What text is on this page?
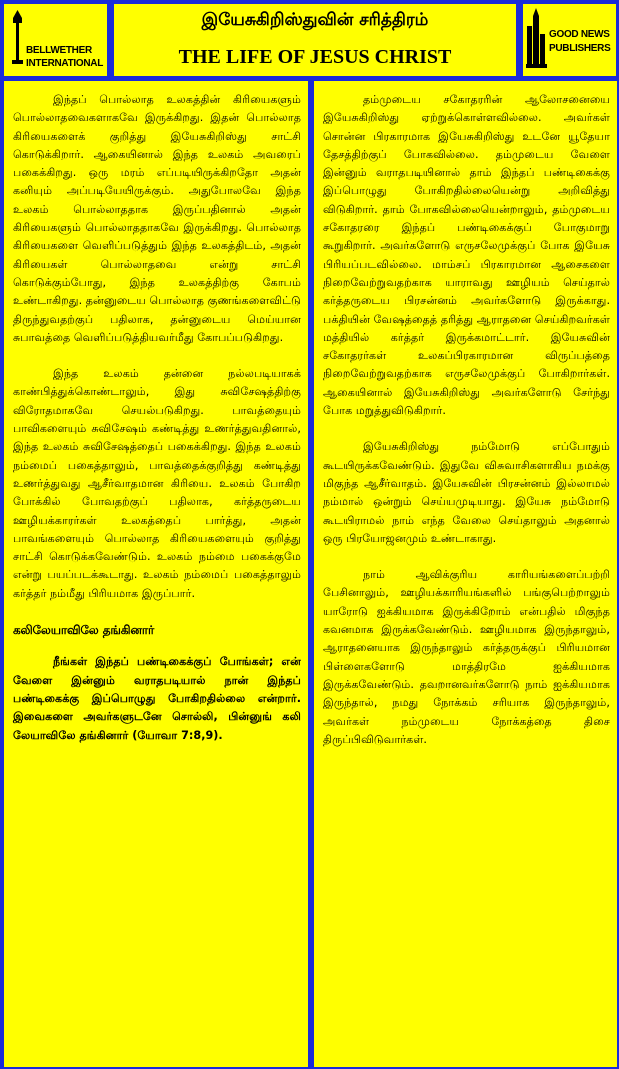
BELLWETHER
INTERNATIONAL
இயேசுகிறிஸ்துவின் சரித்திரம்
THE LIFE OF JESUS CHRIST
GOOD NEWS
PUBLISHERS

இந்தப் பொல்லாத உலகத்தின் கிரியைகளும் பொல்லாதவைகளாகவே இருக்கிறது. இதன் பொல்லாத கிரியைகளைக் குறித்து இயேசுகிறிஸ்து சாட்சி கொடுக்கிறார். ஆகையினால் இந்த உலகம் அவரைப் பகைக்கிறது. ஒரு மரம் எப்படியிருக்கிறதோ அதன் கனியும் அப்படியேயிருக்கும். அதுபோலவே இந்த உலகம் பொல்லாததாக இருப்பதினால் அதன் கிரியைகளும் பொல்லாததாகவே இருக்கிறது. பொல்லாத கிரியைகளை வெளிப்படுத்தும் இந்த உலகத்திடம், அதன் கிரியைகள் பொல்லாதவை என்று சாட்சி கொடுக்கும்போது, இந்த உலகத்திற்கு கோபம் உண்டாகிறது. தன்னுடைய பொல்லாத குணங்களைவிட்டு திருந்துவதற்குப் பதிலாக, தன்னுடைய மெய்யான சுபாவத்தை வெளிப்படுத்தியவர்மீது கோபப்படுகிறது.

இந்த உலகம் தன்னை நல்லபடியாகக் காண்பித்துக்கொண்டாலும், இது சுவிசேஷத்திற்கு விரோதமாகவே செயல்படுகிறது. பாவத்தையும் பாவிகளையும் சுவிசேஷம் கண்டித்து உணர்த்துவதினால், இந்த உலகம் சுவிசேஷத்தைப் பகைக்கிறது. இந்த உலகம் நம்மைப் பகைத்தாலும், பாவத்தைக்குறித்து கண்டித்து உணர்த்துவது ஆசீர்வாதமான கிரியை. உலகம் போகிற போக்கில் போவதற்குப் பதிலாக, கர்த்தருடைய ஊழியக்காரர்கள் உலகத்தைப் பார்த்து, அதன் பாவங்களையும் பொல்லாத கிரியைகளையும் குறித்து சாட்சி கொடுக்கவேண்டும். உலகம் நம்மை பகைக்குமே என்று பயப்படக்கூடாது. உலகம் நம்மைப் பகைத்தாலும் கர்த்தர் நம்மீது பிரியமாக இருப்பார்.

கலிலேயாவிலே தங்கினார்

நீங்கள் இந்தப் பண்டிகைக்குப் போங்கள்; என் வேளை இன்னும் வராதபடியால் நான் இந்தப் பண்டிகைக்கு இப்பொழுது போகிறதில்லை என்றார். இவைகளை அவர்களுடனே சொல்லி, பின்னுங் கலி லேயாவிலே தங்கினார் (யோவா 7:8,9).

தம்முடைய சகோதரரின் ஆலோசனையை இயேசுகிறிஸ்து ஏற்றுக்கொள்ளவில்லை. அவர்கள் சொன்ன பிரகாரமாக இயேசுகிறிஸ்து உடனே யூதேயா தேசத்திற்குப் போகவில்லை. தம்முடைய வேளை இன்னும் வராதபடியினால் தாம் இந்தப் பண்டிகைக்கு இப்பொழுது போகிறதில்லையென்று அறிவித்து விடுகிறார். தாம் போகவில்லையென்றாலும், தம்முடைய சகோதரரை இந்தப் பண்டிகைக்குப் போகுமாறு கூறுகிறார். அவர்களோடு எருசலேமுக்குப் போக இயேசு பிரியப்படவில்லை. மாம்சப் பிரகாரமான ஆசைகளை நிறைவேற்றுவதற்காக யாராவது ஊழியம் செய்தால் கர்த்தருடைய பிரசன்னம் அவர்களோடு இருக்காது. பக்தியின் வேஷத்தைத் தரித்து ஆராதனை செய்கிறவர்கள் மத்தியில் கர்த்தர் இருக்கமாட்டார். இயேசுவின் சகோதரர்கள் உலகப்பிரகாரமான விருப்பத்தை நிறைவேற்றுவதற்காக எருசலேமுக்குப் போகிறார்கள். ஆகையினால் இயேசுகிறிஸ்து அவர்களோடு சேர்ந்து போக மறுத்துவிடுகிறார்.

இயேசுகிறிஸ்து நம்மோடு எப்போதும் கூடயிருக்கவேண்டும். இதுவே விசுவாசிகளாகிய நமக்கு மிகுந்த ஆசீர்வாதம். இயேசுவின் பிரசன்னம் இல்லாமல் நம்மால் ஒன்றும் செய்யமுடியாது. இயேசு நம்மோடு கூடயிராமல் நாம் எந்த வேலை செய்தாலும் அதனால் ஒரு பிரயோஜனமும் உண்டாகாது.

நாம் ஆவிக்குரிய காரியங்களைப்பற்றி பேசினாலும், ஊழியக்காரியங்களில் பங்குபெற்றாலும் யாரோடு ஐக்கியமாக இருக்கிறோம் என்பதில் மிகுந்த கவனமாக இருக்கவேண்டும். ஊழியமாக இருந்தாலும், ஆராதனையாக இருந்தாலும் கர்த்தருக்குப் பிரியமான பிள்ளைகளோடு மாத்திரமே ஐக்கியமாக இருக்கவேண்டும். தவறானவர்களோடு நாம் ஐக்கியமாக இருந்தால், நமது நோக்கம் சரியாக இருந்தாலும், அவர்கள் நம்முடைய நோக்கத்தை திசை திருப்பிவிடுவார்கள்.
